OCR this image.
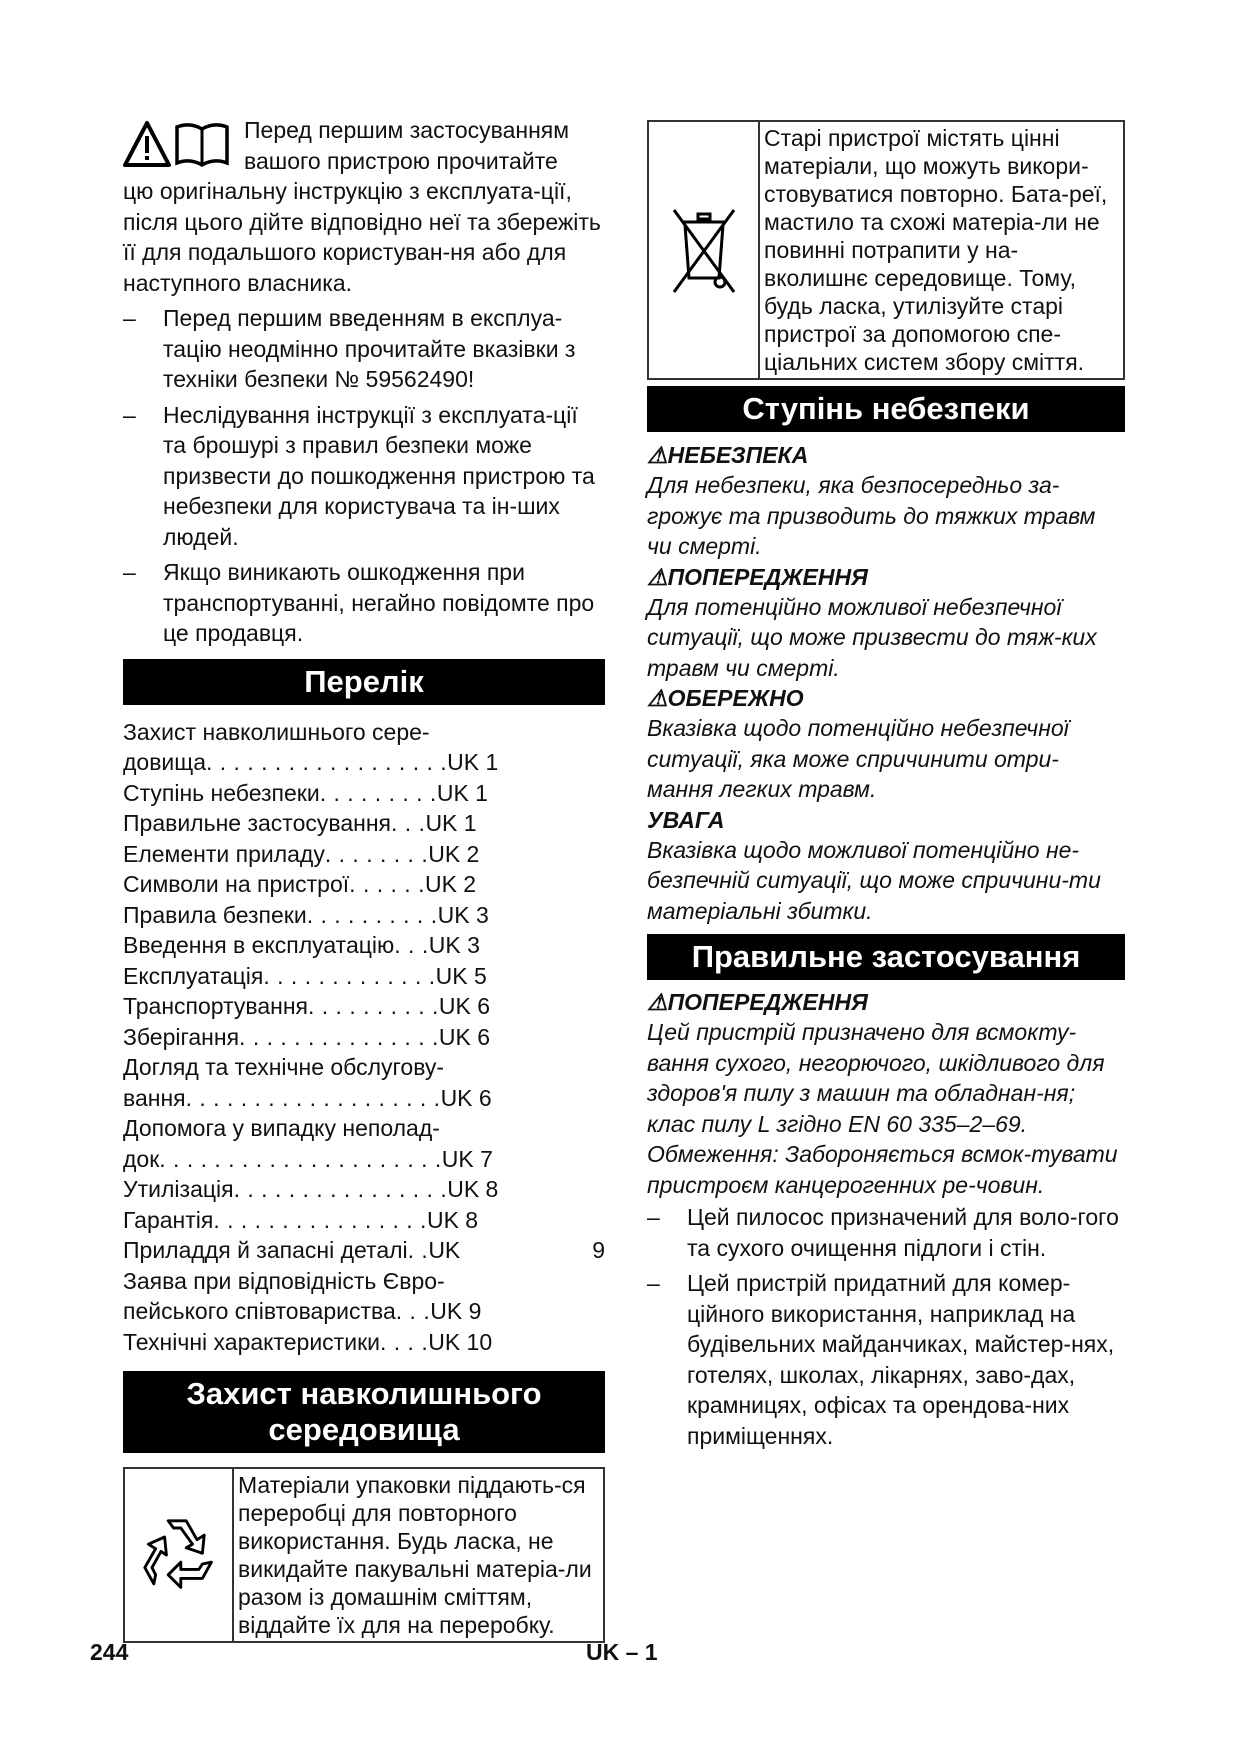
Перед першим застосуванням вашого пристрою прочитайте

цю оригінальну інструкцію з експлуата-ції, після цього дійте відповідно неї та збережіть її для подальшого користуван-ня або для наступного власника.

– Перед першим введенням в експлуа-тацію неодмінно прочитайте вказівки з техніки безпеки № 59562490!

– Неслідування інструкції з експлуата-ції та брошурі з правил безпеки може призвести до пошкодження пристрою та небезпеки для користувача та ін-ших людей.

– Якщо виникають ошкодження при транспортуванні, негайно повідомте про це продавця.

Перелік
Захист навколишнього сере-
довища . . . . . . . . . . . . . . . . . . UK 1
Ступінь небезпеки . . . . . . . . . UK 1
Правильне застосування . . . UK 1
Елементи приладу . . . . . . . . UK 2
Символи на пристрої . . . . . . UK 2
Правила безпеки . . . . . . . . . . UK 3
Введення в експлуатацію . . . UK 3
Експлуатація . . . . . . . . . . . . . UK 5
Транспортування . . . . . . . . . . UK 6
Зберігання . . . . . . . . . . . . . . . UK 6
Догляд та технічне обслугову-
вання . . . . . . . . . . . . . . . . . . . UK 6
Допомога у випадку неполад-
док . . . . . . . . . . . . . . . . . . . . . UK 7
Утилізація . . . . . . . . . . . . . . . . UK 8
Гарантія . . . . . . . . . . . . . . . . UK 8
Приладдя й запасні деталі . . UK	9
Заява при відповідність Євро-
пейського співтовариства . . . UK 9
Технічні характеристики . . . . UK 10
Захист навколишнього
середовища
Матеріали упаковки піддають-ся переробці для повторного використання. Будь ласка, не викидайте пакувальні матеріа-ли разом із домашнім сміттям, віддайте їх для на переробку.
Старі пристрої містять цінні матеріали, що можуть викори-стовуватися повторно. Бата-реї, мастило та схожі матеріа-ли не повинні потрапити у на-вколишнє середовище. Тому, будь ласка, утилізуйте старі пристрої за допомогою спе-ціальних систем збору сміття.
Ступінь небезпеки

⚠НЕБЕЗПЕКА

Для небезпеки, яка безпосередньо за-грожує та призводить до тяжких травм чи смерті.

⚠ПОПЕРЕДЖЕННЯ

Для потенційно можливої небезпечної ситуації, що може призвести до тяж-ких травм чи смерті.

⚠ОБЕРЕЖНО

Вказівка щодо потенційно небезпечної ситуації, яка може спричинити отри-мання легких травм.

УВАГА

Вказівка щодо можливої потенційно не-безпечній ситуації, що може спричини-ти матеріальні збитки.

Правильне застосування

⚠ПОПЕРЕДЖЕННЯ

Цей пристрій призначено для всмокту-вання сухого, негорючого, шкідливого для здоров'я пилу з машин та обладнан-ня; клас пилу L згідно EN 60 335–2–69. Обмеження: Забороняється всмок-тувати пристроєм канцерогенних ре-човин.

– Цей пилосос призначений для воло-гого та сухого очищення підлоги і стін.

– Цей пристрій придатний для комер-ційного використання, наприклад на будівельних майданчиках, майстер-нях, готелях, школах, лікарнях, заво-дах, крамницях, офісах та орендова-них приміщеннях.

244	UK – 1
